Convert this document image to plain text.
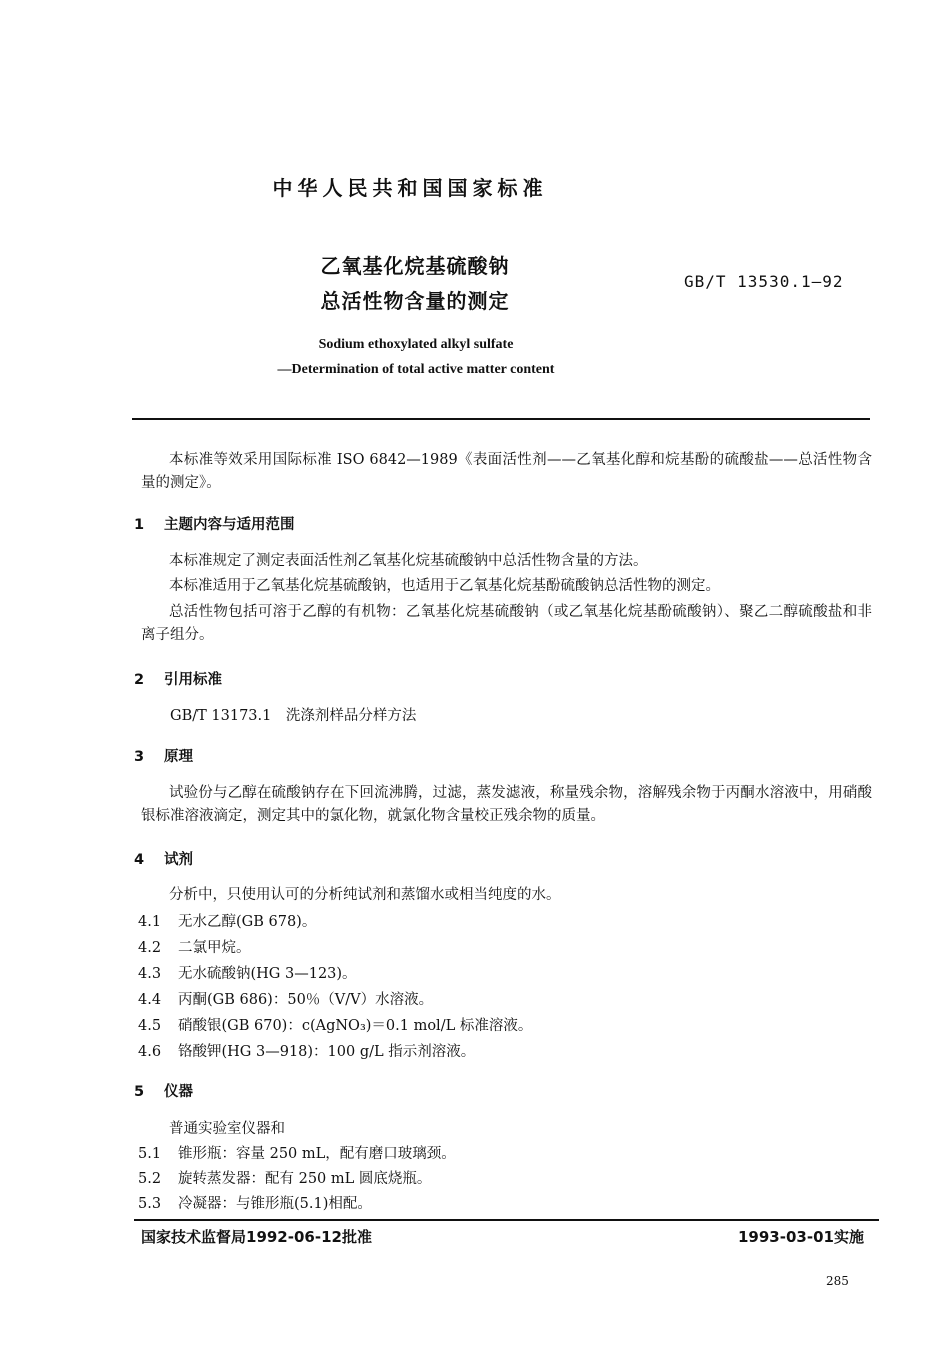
中华人民共和国国家标准
乙氧基化烷基硫酸钠
总活性物含量的测定
GB/T 13530.1—92
Sodium ethoxylated alkyl sulfate
—Determination of total active matter content
本标准等效采用国际标准 ISO 6842—1989《表面活性剂——乙氧基化醇和烷基酚的硫酸盐——总活性物含量的测定》。
1 主题内容与适用范围
本标准规定了测定表面活性剂乙氧基化烷基硫酸钠中总活性物含量的方法。
本标准适用于乙氧基化烷基硫酸钠，也适用于乙氧基化烷基酚硫酸钠总活性物的测定。
总活性物包括可溶于乙醇的有机物：乙氧基化烷基硫酸钠（或乙氧基化烷基酚硫酸钠）、聚乙二醇硫酸盐和非离子组分。
2 引用标准
GB/T 13173.1　洗涤剂样品分样方法
3 原理
试验份与乙醇在硫酸钠存在下回流沸腾，过滤，蒸发滤液，称量残余物，溶解残余物于丙酮水溶液中，用硝酸银标准溶液滴定，测定其中的氯化物，就氯化物含量校正残余物的质量。
4 试剂
分析中，只使用认可的分析纯试剂和蒸馏水或相当纯度的水。
4.1 无水乙醇(GB 678)。
4.2 二氯甲烷。
4.3 无水硫酸钠(HG 3—123)。
4.4 丙酮(GB 686)：50％（V/V）水溶液。
4.5 硝酸银(GB 670)：c(AgNO₃)＝0.1 mol/L 标准溶液。
4.6 铬酸钾(HG 3—918)：100 g/L 指示剂溶液。
5 仪器
普通实验室仪器和
5.1 锥形瓶：容量 250 mL，配有磨口玻璃颈。
5.2 旋转蒸发器：配有 250 mL 圆底烧瓶。
5.3 冷凝器：与锥形瓶(5.1)相配。
国家技术监督局1992-06-12批准	1993-03-01实施
285
